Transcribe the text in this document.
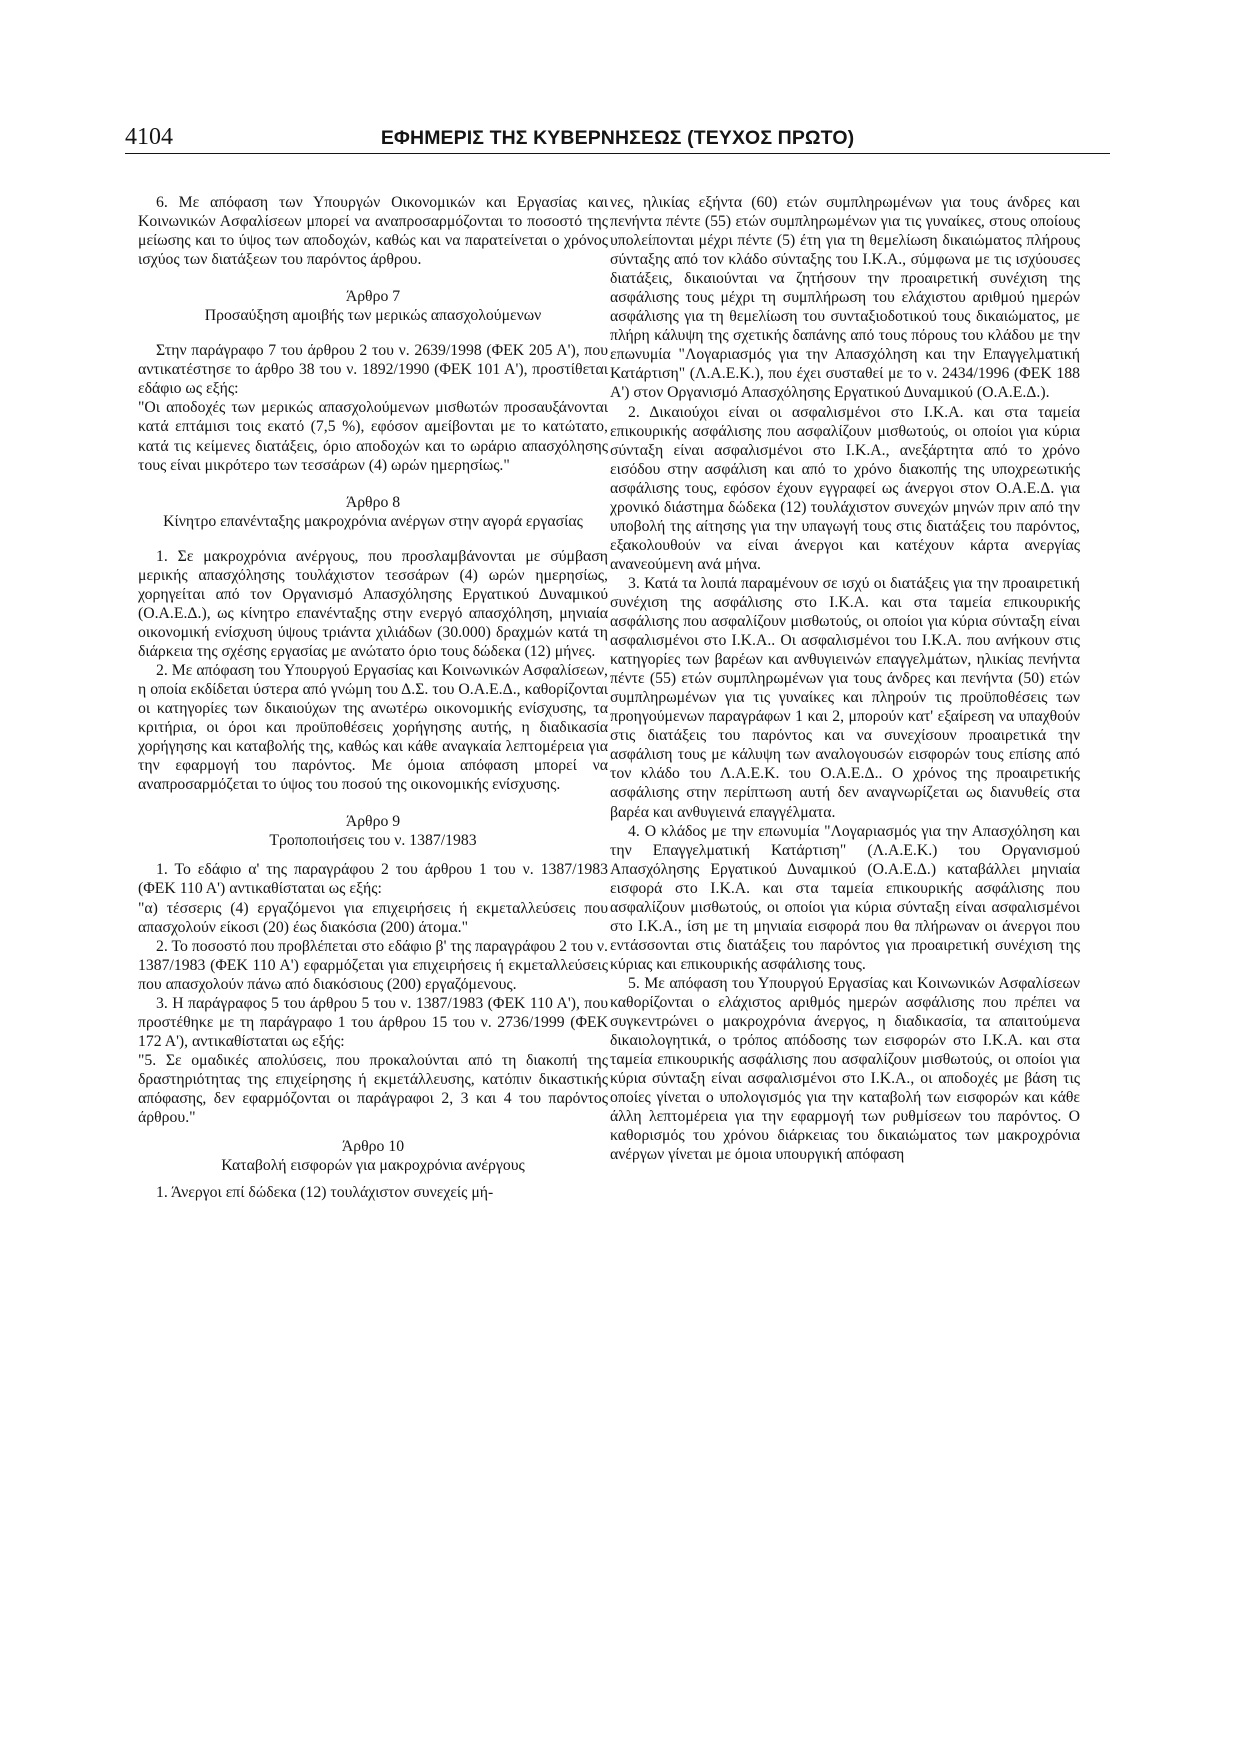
4104	ΕΦΗΜΕΡΙΣ ΤΗΣ ΚΥΒΕΡΝΗΣΕΩΣ (ΤΕΥΧΟΣ ΠΡΩΤΟ)

6. Με απόφαση των Υπουργών Οικονομικών και Εργασίας και Κοινωνικών Ασφαλίσεων μπορεί να αναπροσαρμόζονται το ποσοστό της μείωσης και το ύψος των αποδοχών, καθώς και να παρατείνεται ο χρόνος ισχύος των διατάξεων του παρόντος άρθρου.

Άρθρο 7

Προσαύξηση αμοιβής των μερικώς απασχολούμενων

Στην παράγραφο 7 του άρθρου 2 του ν. 2639/1998 (ΦΕΚ 205 Α'), που αντικατέστησε το άρθρο 38 του ν. 1892/1990 (ΦΕΚ 101 Α'), προστίθεται εδάφιο ως εξής:

"Οι αποδοχές των μερικώς απασχολούμενων μισθωτών προσαυξάνονται κατά επτάμισι τοις εκατό (7,5 %), εφόσον αμείβονται με το κατώτατο, κατά τις κείμενες διατάξεις, όριο αποδοχών και το ωράριο απασχόλησης τους είναι μικρότερο των τεσσάρων (4) ωρών ημερησίως."

Άρθρο 8

Κίνητρο επανένταξης μακροχρόνια ανέργων στην αγορά εργασίας

1. Σε μακροχρόνια ανέργους, που προσλαμβάνονται με σύμβαση μερικής απασχόλησης τουλάχιστον τεσσάρων (4) ωρών ημερησίως, χορηγείται από τον Οργανισμό Απασχόλησης Εργατικού Δυναμικού (Ο.Α.Ε.Δ.), ως κίνητρο επανένταξης στην ενεργό απασχόληση, μηνιαία οικονομική ενίσχυση ύψους τριάντα χιλιάδων (30.000) δραχμών κατά τη διάρκεια της σχέσης εργασίας με ανώτατο όριο τους δώδεκα (12) μήνες.

2. Με απόφαση του Υπουργού Εργασίας και Κοινωνικών Ασφαλίσεων, η οποία εκδίδεται ύστερα από γνώμη του Δ.Σ. του Ο.Α.Ε.Δ., καθορίζονται οι κατηγορίες των δικαιούχων της ανωτέρω οικονομικής ενίσχυσης, τα κριτήρια, οι όροι και προϋποθέσεις χορήγησης αυτής, η διαδικασία χορήγησης και καταβολής της, καθώς και κάθε αναγκαία λεπτομέρεια για την εφαρμογή του παρόντος. Με όμοια απόφαση μπορεί να αναπροσαρμόζεται το ύψος του ποσού της οικονομικής ενίσχυσης.

Άρθρο 9

Τροποποιήσεις του ν. 1387/1983

1. Το εδάφιο α' της παραγράφου 2 του άρθρου 1 του ν. 1387/1983 (ΦΕΚ 110 Α') αντικαθίσταται ως εξής:

"α) τέσσερις (4) εργαζόμενοι για επιχειρήσεις ή εκμεταλλεύσεις που απασχολούν είκοσι (20) έως διακόσια (200) άτομα."

2. Το ποσοστό που προβλέπεται στο εδάφιο β' της παραγράφου 2 του ν. 1387/1983 (ΦΕΚ 110 Α') εφαρμόζεται για επιχειρήσεις ή εκμεταλλεύσεις που απασχολούν πάνω από διακόσιους (200) εργαζόμενους.

3. Η παράγραφος 5 του άρθρου 5 του ν. 1387/1983 (ΦΕΚ 110 Α'), που προστέθηκε με τη παράγραφο 1 του άρθρου 15 του ν. 2736/1999 (ΦΕΚ 172 Α'), αντικαθίσταται ως εξής:

"5. Σε ομαδικές απολύσεις, που προκαλούνται από τη διακοπή της δραστηριότητας της επιχείρησης ή εκμετάλλευσης, κατόπιν δικαστικής απόφασης, δεν εφαρμόζονται οι παράγραφοι 2, 3 και 4 του παρόντος άρθρου."

Άρθρο 10

Καταβολή εισφορών για μακροχρόνια ανέργους

1. Άνεργοι επί δώδεκα (12) τουλάχιστον συνεχείς μή-

νες, ηλικίας εξήντα (60) ετών συμπληρωμένων για τους άνδρες και πενήντα πέντε (55) ετών συμπληρωμένων για τις γυναίκες, στους οποίους υπολείπονται μέχρι πέντε (5) έτη για τη θεμελίωση δικαιώματος πλήρους σύνταξης από τον κλάδο σύνταξης του Ι.Κ.Α., σύμφωνα με τις ισχύουσες διατάξεις, δικαιούνται να ζητήσουν την προαιρετική συνέχιση της ασφάλισης τους μέχρι τη συμπλήρωση του ελάχιστου αριθμού ημερών ασφάλισης για τη θεμελίωση του συνταξιοδοτικού τους δικαιώματος, με πλήρη κάλυψη της σχετικής δαπάνης από τους πόρους του κλάδου με την επωνυμία "Λογαριασμός για την Απασχόληση και την Επαγγελματική Κατάρτιση" (Λ.Α.Ε.Κ.), που έχει συσταθεί με το ν. 2434/1996 (ΦΕΚ 188 Α') στον Οργανισμό Απασχόλησης Εργατικού Δυναμικού (Ο.Α.Ε.Δ.).

2. Δικαιούχοι είναι οι ασφαλισμένοι στο Ι.Κ.Α. και στα ταμεία επικουρικής ασφάλισης που ασφαλίζουν μισθωτούς, οι οποίοι για κύρια σύνταξη είναι ασφαλισμένοι στο Ι.Κ.Α., ανεξάρτητα από το χρόνο εισόδου στην ασφάλιση και από το χρόνο διακοπής της υποχρεωτικής ασφάλισης τους, εφόσον έχουν εγγραφεί ως άνεργοι στον Ο.Α.Ε.Δ. για χρονικό διάστημα δώδεκα (12) τουλάχιστον συνεχών μηνών πριν από την υποβολή της αίτησης για την υπαγωγή τους στις διατάξεις του παρόντος, εξακολουθούν να είναι άνεργοι και κατέχουν κάρτα ανεργίας ανανεούμενη ανά μήνα.

3. Κατά τα λοιπά παραμένουν σε ισχύ οι διατάξεις για την προαιρετική συνέχιση της ασφάλισης στο Ι.Κ.Α. και στα ταμεία επικουρικής ασφάλισης που ασφαλίζουν μισθωτούς, οι οποίοι για κύρια σύνταξη είναι ασφαλισμένοι στο Ι.Κ.Α.. Οι ασφαλισμένοι του Ι.Κ.Α. που ανήκουν στις κατηγορίες των βαρέων και ανθυγιεινών επαγγελμάτων, ηλικίας πενήντα πέντε (55) ετών συμπληρωμένων για τους άνδρες και πενήντα (50) ετών συμπληρωμένων για τις γυναίκες και πληρούν τις προϋποθέσεις των προηγούμενων παραγράφων 1 και 2, μπορούν κατ' εξαίρεση να υπαχθούν στις διατάξεις του παρόντος και να συνεχίσουν προαιρετικά την ασφάλιση τους με κάλυψη των αναλογουσών εισφορών τους επίσης από τον κλάδο του Λ.Α.Ε.Κ. του Ο.Α.Ε.Δ.. Ο χρόνος της προαιρετικής ασφάλισης στην περίπτωση αυτή δεν αναγνωρίζεται ως διανυθείς στα βαρέα και ανθυγιεινά επαγγέλματα.

4. Ο κλάδος με την επωνυμία "Λογαριασμός για την Απασχόληση και την Επαγγελματική Κατάρτιση" (Λ.Α.Ε.Κ.) του Οργανισμού Απασχόλησης Εργατικού Δυναμικού (Ο.Α.Ε.Δ.) καταβάλλει μηνιαία εισφορά στο Ι.Κ.Α. και στα ταμεία επικουρικής ασφάλισης που ασφαλίζουν μισθωτούς, οι οποίοι για κύρια σύνταξη είναι ασφαλισμένοι στο Ι.Κ.Α., ίση με τη μηνιαία εισφορά που θα πλήρωναν οι άνεργοι που εντάσσονται στις διατάξεις του παρόντος για προαιρετική συνέχιση της κύριας και επικουρικής ασφάλισης τους.

5. Με απόφαση του Υπουργού Εργασίας και Κοινωνικών Ασφαλίσεων καθορίζονται ο ελάχιστος αριθμός ημερών ασφάλισης που πρέπει να συγκεντρώνει ο μακροχρόνια άνεργος, η διαδικασία, τα απαιτούμενα δικαιολογητικά, ο τρόπος απόδοσης των εισφορών στο Ι.Κ.Α. και στα ταμεία επικουρικής ασφάλισης που ασφαλίζουν μισθωτούς, οι οποίοι για κύρια σύνταξη είναι ασφαλισμένοι στο Ι.Κ.Α., οι αποδοχές με βάση τις οποίες γίνεται ο υπολογισμός για την καταβολή των εισφορών και κάθε άλλη λεπτομέρεια για την εφαρμογή των ρυθμίσεων του παρόντος. Ο καθορισμός του χρόνου διάρκειας του δικαιώματος των μακροχρόνια ανέργων γίνεται με όμοια υπουργική απόφαση
